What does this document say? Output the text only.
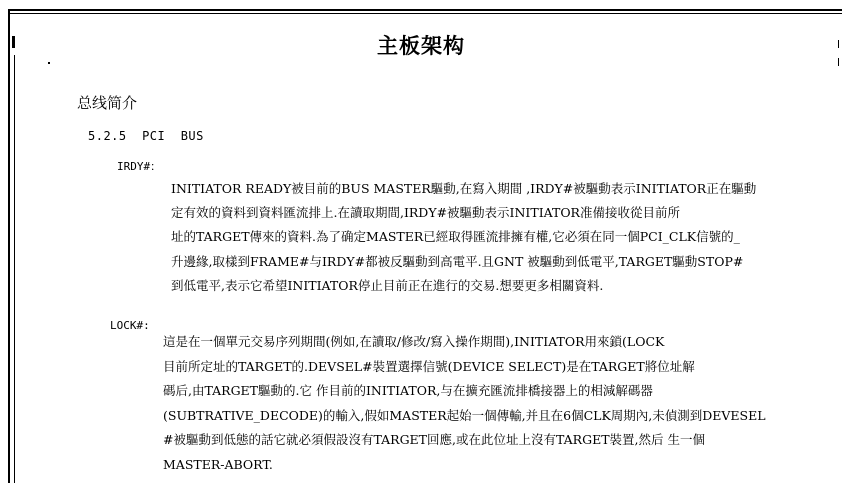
主板架构
总线简介
5.2.5  PCI  BUS
IRDY#：
INITIATOR READY被目前的BUS MASTER驅動,在寫入期間 ,IRDY#被驅動表示INITIATOR正在驅動
定有效的資料到資料匯流排上.在讀取期間,IRDY#被驅動表示INITIATOR准備接收從目前所
址的TARGET傳來的資料.為了确定MASTER已經取得匯流排擁有權,它必須在同一個PCI_CLK信號的_
升邊緣,取樣到FRAME#与IRDY#都被反驅動到高電平.且GNT 被驅動到低電平,TARGET驅動STOP#
到低電平,表示它希望INITIATOR停止目前正在進行的交易.想要更多相關資料.
LOCK#:
這是在一個單元交易序列期間(例如,在讀取/修改/寫入操作期間),INITIATOR用來鎖(LOCK
目前所定址的TARGET的.DEVSEL#裝置選擇信號(DEVICE SELECT)是在TARGET將位址解
碼后,由TARGET驅動的.它 作目前的INITIATOR,与在擴充匯流排橋接器上的相減解碼器
(SUBTRATIVE_DECODE)的輸入,假如MASTER起始一個傳輸,并且在6個CLK周期內,未偵測到DEVESEL
#被驅動到低態的話它就必須假設沒有TARGET回應,或在此位址上沒有TARGET裝置,然后 生一個
MASTER-ABORT.
